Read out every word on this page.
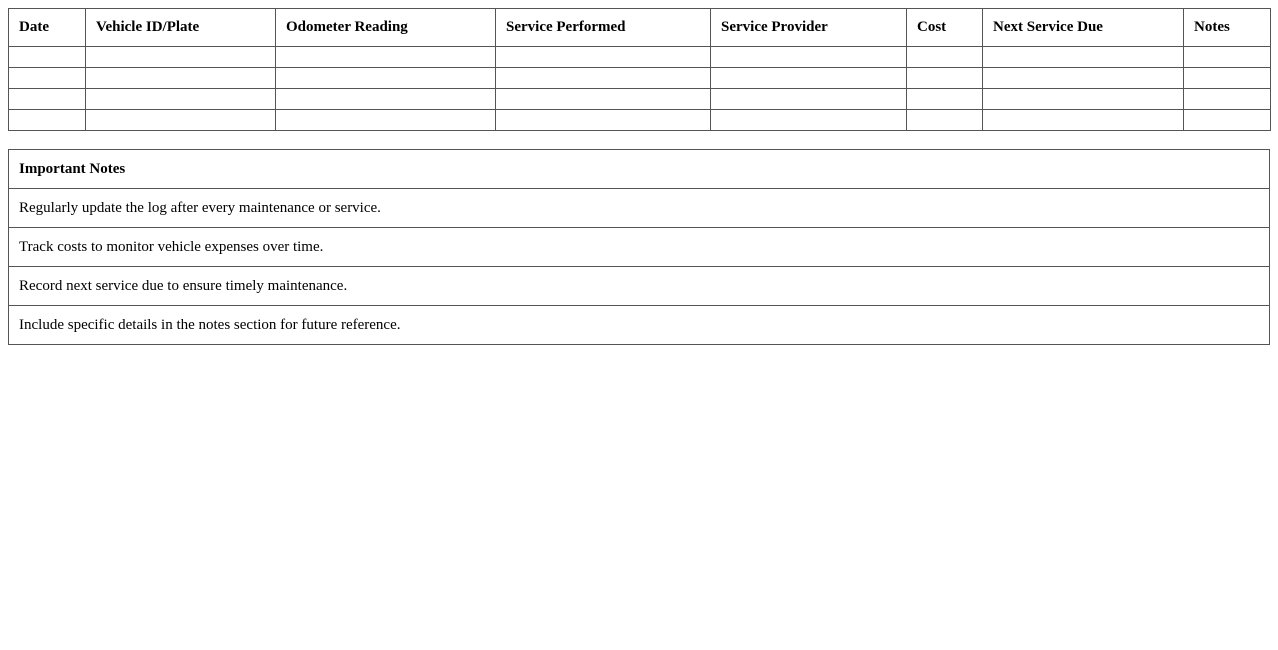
Date	Vehicle ID/Plate	Odometer Reading	Service Performed	Service Provider	Cost	Next Service Due	Notes

Important Notes
Regularly update the log after every maintenance or service.
Track costs to monitor vehicle expenses over time.
Record next service due to ensure timely maintenance.
Include specific details in the notes section for future reference.
